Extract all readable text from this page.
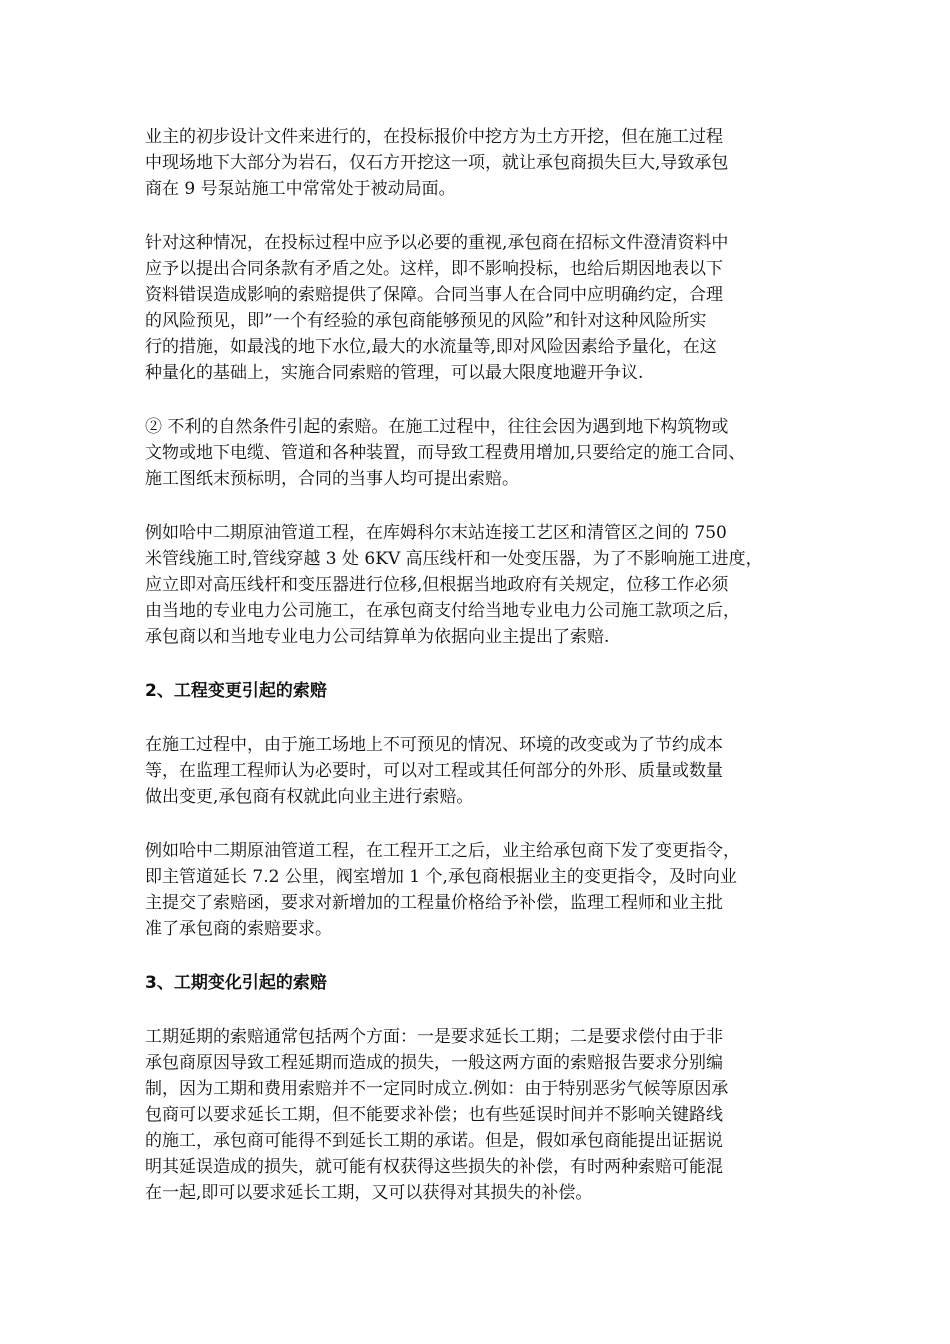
业主的初步设计文件来进行的，在投标报价中挖方为土方开挖，但在施工过程
中现场地下大部分为岩石，仅石方开挖这一项，就让承包商损失巨大,导致承包
商在 9 号泵站施工中常常处于被动局面。

针对这种情况，在投标过程中应予以必要的重视,承包商在招标文件澄清资料中
应予以提出合同条款有矛盾之处。这样，即不影响投标，也给后期因地表以下
资料错误造成影响的索赔提供了保障。合同当事人在合同中应明确约定，合理
的风险预见，即”一个有经验的承包商能够预见的风险”和针对这种风险所实
行的措施，如最浅的地下水位,最大的水流量等,即对风险因素给予量化，在这
种量化的基础上，实施合同索赔的管理，可以最大限度地避开争议.

② 不利的自然条件引起的索赔。在施工过程中，往往会因为遇到地下构筑物或
文物或地下电缆、管道和各种装置，而导致工程费用增加,只要给定的施工合同、
施工图纸末预标明，合同的当事人均可提出索赔。

例如哈中二期原油管道工程，在库姆科尔末站连接工艺区和清管区之间的 750
米管线施工时,管线穿越 3 处 6KV 高压线杆和一处变压器，为了不影响施工进度，
应立即对高压线杆和变压器进行位移,但根据当地政府有关规定，位移工作必须
由当地的专业电力公司施工，在承包商支付给当地专业电力公司施工款项之后，
承包商以和当地专业电力公司结算单为依据向业主提出了索赔.

2、工程变更引起的索赔

在施工过程中，由于施工场地上不可预见的情况、环境的改变或为了节约成本
等，在监理工程师认为必要时，可以对工程或其任何部分的外形、质量或数量
做出变更,承包商有权就此向业主进行索赔。

例如哈中二期原油管道工程，在工程开工之后，业主给承包商下发了变更指令，
即主管道延长 7.2 公里，阀室增加 1 个,承包商根据业主的变更指令，及时向业
主提交了索赔函，要求对新增加的工程量价格给予补偿，监理工程师和业主批
准了承包商的索赔要求。

3、工期变化引起的索赔

工期延期的索赔通常包括两个方面：一是要求延长工期；二是要求偿付由于非
承包商原因导致工程延期而造成的损失，一般这两方面的索赔报告要求分别编
制，因为工期和费用索赔并不一定同时成立.例如：由于特别恶劣气候等原因承
包商可以要求延长工期，但不能要求补偿；也有些延误时间并不影响关键路线
的施工，承包商可能得不到延长工期的承诺。但是，假如承包商能提出证据说
明其延误造成的损失，就可能有权获得这些损失的补偿，有时两种索赔可能混
在一起,即可以要求延长工期，又可以获得对其损失的补偿。
